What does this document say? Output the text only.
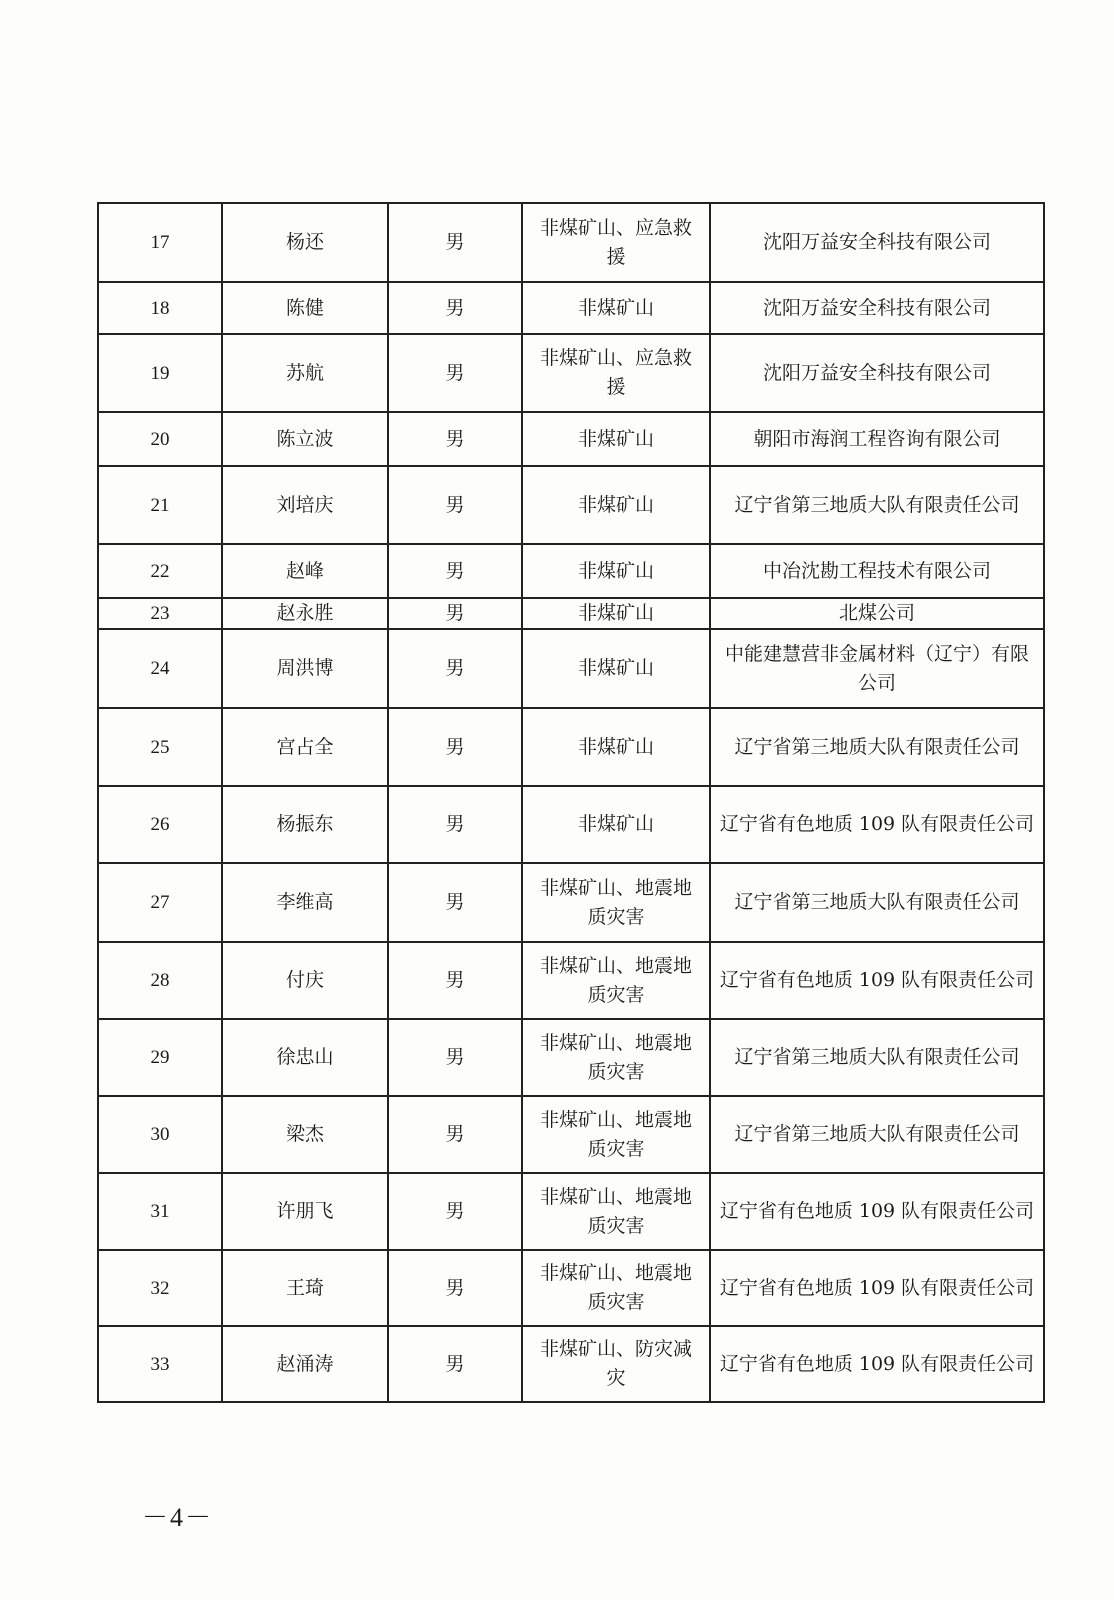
17	杨还	男	非煤矿山、应急救援	沈阳万益安全科技有限公司
18	陈健	男	非煤矿山	沈阳万益安全科技有限公司
19	苏航	男	非煤矿山、应急救援	沈阳万益安全科技有限公司
20	陈立波	男	非煤矿山	朝阳市海润工程咨询有限公司
21	刘培庆	男	非煤矿山	辽宁省第三地质大队有限责任公司
22	赵峰	男	非煤矿山	中冶沈勘工程技术有限公司
23	赵永胜	男	非煤矿山	北煤公司
24	周洪博	男	非煤矿山	中能建慧营非金属材料（辽宁）有限公司
25	宫占全	男	非煤矿山	辽宁省第三地质大队有限责任公司
26	杨振东	男	非煤矿山	辽宁省有色地质 109 队有限责任公司
27	李维高	男	非煤矿山、地震地质灾害	辽宁省第三地质大队有限责任公司
28	付庆	男	非煤矿山、地震地质灾害	辽宁省有色地质 109 队有限责任公司
29	徐忠山	男	非煤矿山、地震地质灾害	辽宁省第三地质大队有限责任公司
30	梁杰	男	非煤矿山、地震地质灾害	辽宁省第三地质大队有限责任公司
31	许朋飞	男	非煤矿山、地震地质灾害	辽宁省有色地质 109 队有限责任公司
32	王琦	男	非煤矿山、地震地质灾害	辽宁省有色地质 109 队有限责任公司
33	赵涌涛	男	非煤矿山、防灾减灾	辽宁省有色地质 109 队有限责任公司
－4－
